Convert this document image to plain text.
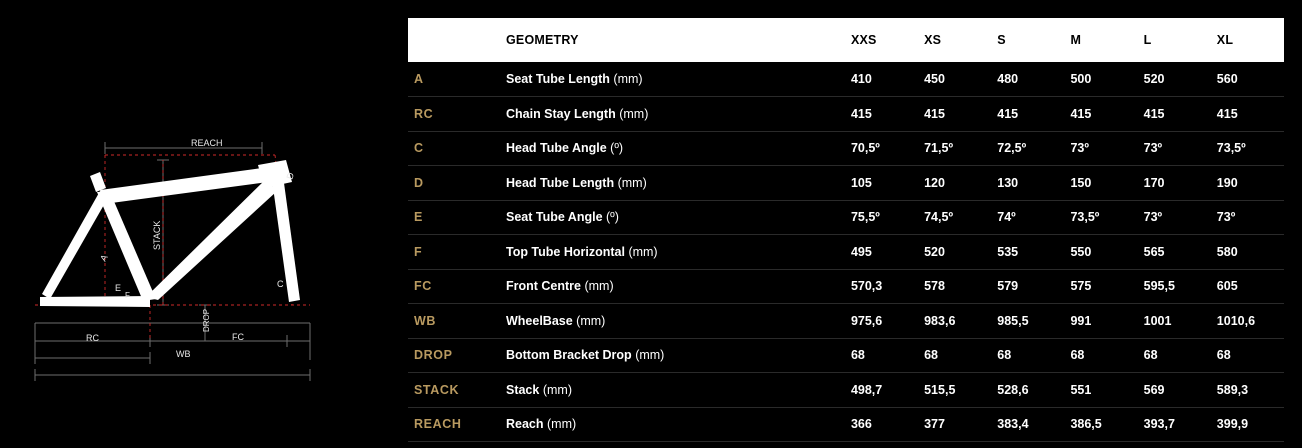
REACH
STACK
DROP
RC	FC
WB
A
C
D
E
F
	GEOMETRY	XXS	XS	S	M	L	XL
A	Seat Tube Length (mm)	410	450	480	500	520	560
RC	Chain Stay Length (mm)	415	415	415	415	415	415
C	Head Tube Angle (º)	70,5º	71,5º	72,5º	73º	73º	73,5º
D	Head Tube Length (mm)	105	120	130	150	170	190
E	Seat Tube Angle (º)	75,5º	74,5º	74º	73,5º	73º	73º
F	Top Tube Horizontal (mm)	495	520	535	550	565	580
FC	Front Centre (mm)	570,3	578	579	575	595,5	605
WB	WheelBase (mm)	975,6	983,6	985,5	991	1001	1010,6
DROP	Bottom Bracket Drop (mm)	68	68	68	68	68	68
STACK	Stack (mm)	498,7	515,5	528,6	551	569	589,3
REACH	Reach (mm)	366	377	383,4	386,5	393,7	399,9
